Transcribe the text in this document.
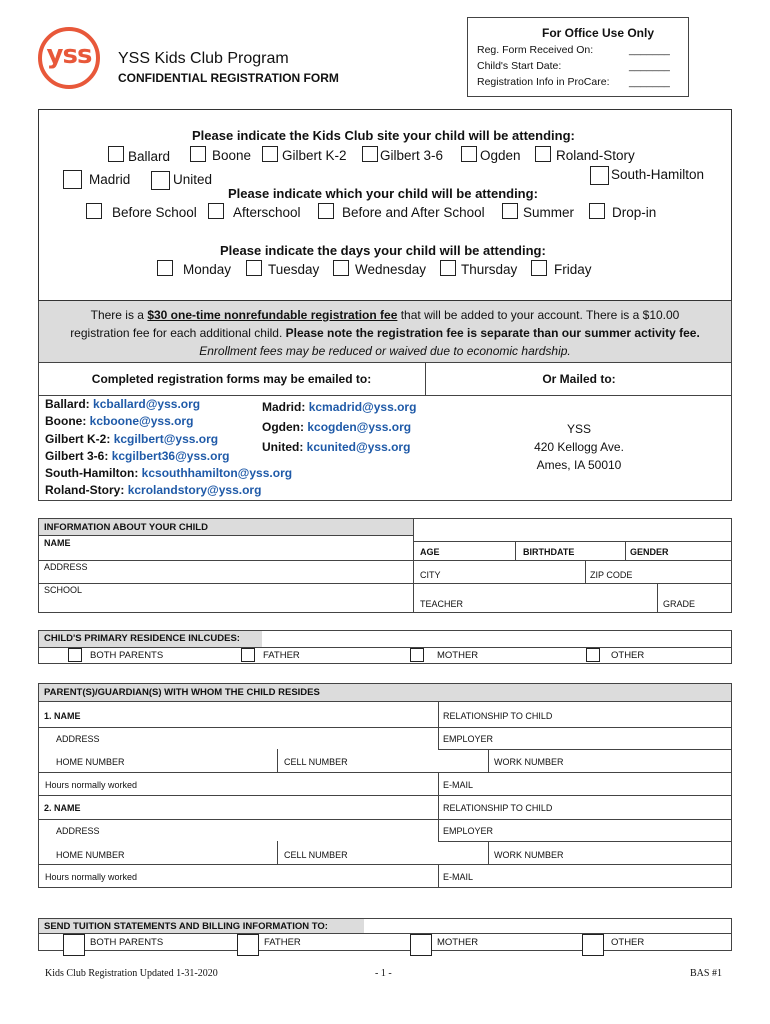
yss	YSS Kids Club Program
CONFIDENTIAL REGISTRATION FORM
For Office Use Only
Reg. Form Received On:	_______
Child's Start Date:	_______
Registration Info in ProCare: _______
Please indicate the Kids Club site your child will be attending:
Ballard	Boone Gilbert K-2 Gilbert 3-6	Ogden	Roland-Story
South-Hamilton
Madrid	United
Please indicate which your child will be attending:
Before School	Afterschool	Before and After School	Summer	Drop-in
Please indicate the days your child will be attending:
Monday	Tuesday	Wednesday	Thursday	Friday
There is a $30 one-time nonrefundable registration fee that will be added to your account. There is a $10.00
registration fee for each additional child. Please note the registration fee is separate than our summer activity fee.
Enrollment fees may be reduced or waived due to economic hardship.
Completed registration forms may be emailed to:	Or Mailed to:
Ballard: kcballard@yss.org
Boone: kcboone@yss.org
Gilbert K-2: kcgilbert@yss.org
Gilbert 3-6: kcgilbert36@yss.org
South-Hamilton: kcsouthhamilton@yss.org
Roland-Story: kcrolandstory@yss.org
Madrid: kcmadrid@yss.org
Ogden: kcogden@yss.org
United: kcunited@yss.org
YSS
420 Kellogg Ave.
Ames, IA 50010
INFORMATION ABOUT YOUR CHILD
NAME
AGE	BIRTHDATE	GENDER
ADDRESS
CITY	ZIP CODE
SCHOOL
TEACHER	GRADE
CHILD'S PRIMARY RESIDENCE INLCUDES:
BOTH PARENTS	FATHER	MOTHER	OTHER
PARENT(S)/GUARDIAN(S) WITH WHOM THE CHILD RESIDES
1. NAME	RELATIONSHIP TO CHILD
ADDRESS	EMPLOYER
HOME NUMBER	CELL NUMBER	WORK NUMBER
Hours normally worked	E-MAIL
2. NAME	RELATIONSHIP TO CHILD
ADDRESS	EMPLOYER
HOME NUMBER	CELL NUMBER	WORK NUMBER
Hours normally worked	E-MAIL
SEND TUITION STATEMENTS AND BILLING INFORMATION TO:
BOTH PARENTS	FATHER	MOTHER	OTHER
Kids Club Registration Updated 1-31-2020	- 1 -	BAS #1
